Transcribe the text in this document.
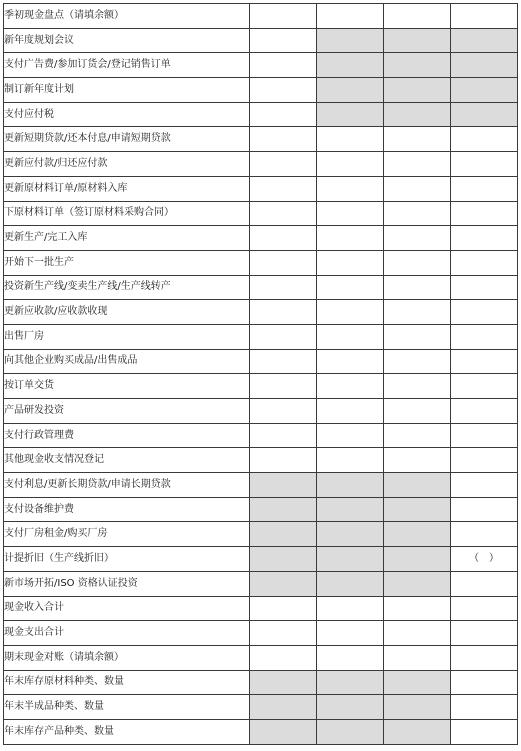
季初现金盘点（请填余额）				
新年度规划会议				
支付广告费/参加订货会/登记销售订单				
制订新年度计划				
支付应付税				
更新短期贷款/还本付息/申请短期贷款				
更新应付款/归还应付款				
更新原材料订单/原材料入库				
下原材料订单（签订原材料采购合同）				
更新生产/完工入库				
开始下一批生产				
投资新生产线/变卖生产线/生产线转产				
更新应收款/应收款收现				
出售厂房				
向其他企业购买成品/出售成品				
按订单交货				
产品研发投资				
支付行政管理费				
其他现金收支情况登记				
支付利息/更新长期贷款/申请长期贷款				
支付设备维护费				
支付厂房租金/购买厂房				
计提折旧（生产线折旧）				（　）
新市场开拓/ISO 资格认证投资				
现金收入合计				
现金支出合计				
期末现金对账（请填余额）				
年末库存原材料种类、数量				
年末半成品种类、数量				
年末库存产品种类、数量				
